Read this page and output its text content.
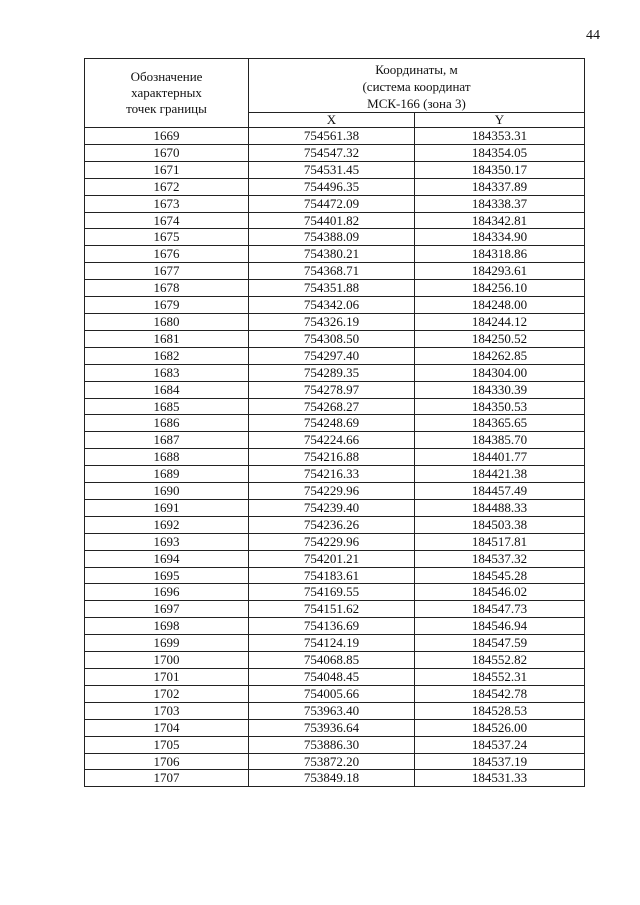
44
Обозначение
характерных
точек границы	Координаты, м
(система координат
МСК-166 (зона 3)	

	X	Y
1669	754561.38	184353.31
1670	754547.32	184354.05
1671	754531.45	184350.17
1672	754496.35	184337.89
1673	754472.09	184338.37
1674	754401.82	184342.81
1675	754388.09	184334.90
1676	754380.21	184318.86
1677	754368.71	184293.61
1678	754351.88	184256.10
1679	754342.06	184248.00
1680	754326.19	184244.12
1681	754308.50	184250.52
1682	754297.40	184262.85
1683	754289.35	184304.00
1684	754278.97	184330.39
1685	754268.27	184350.53
1686	754248.69	184365.65
1687	754224.66	184385.70
1688	754216.88	184401.77
1689	754216.33	184421.38
1690	754229.96	184457.49
1691	754239.40	184488.33
1692	754236.26	184503.38
1693	754229.96	184517.81
1694	754201.21	184537.32
1695	754183.61	184545.28
1696	754169.55	184546.02
1697	754151.62	184547.73
1698	754136.69	184546.94
1699	754124.19	184547.59
1700	754068.85	184552.82
1701	754048.45	184552.31
1702	754005.66	184542.78
1703	753963.40	184528.53
1704	753936.64	184526.00
1705	753886.30	184537.24
1706	753872.20	184537.19
1707	753849.18	184531.33
